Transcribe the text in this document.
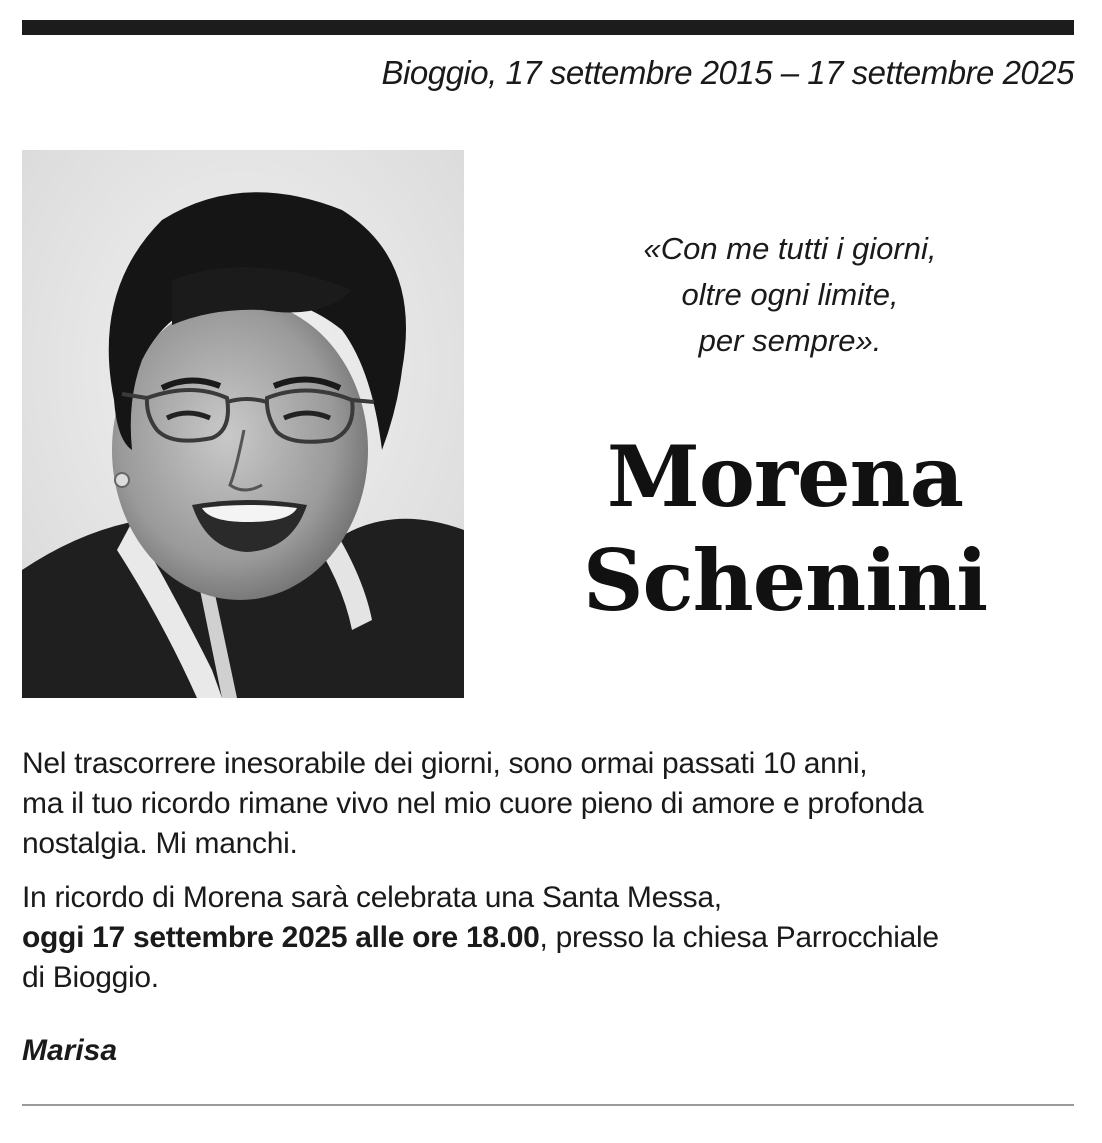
Bioggio, 17 settembre 2015 – 17 settembre 2025
«Con me tutti i giorni,
oltre ogni limite,
per sempre».
Morena
Schenini

Nel trascorrere inesorabile dei giorni, sono ormai passati 10 anni,
ma il tuo ricordo rimane vivo nel mio cuore pieno di amore e profonda
nostalgia. Mi manchi.

In ricordo di Morena sarà celebrata una Santa Messa,
oggi 17 settembre 2025 alle ore 18.00, presso la chiesa Parrocchiale
di Bioggio.

Marisa
